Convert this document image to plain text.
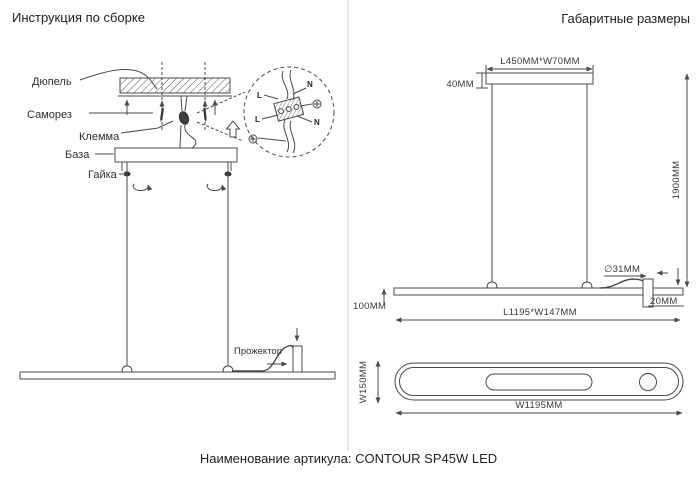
Инструкция по сборке	Габаритные размеры
Дюпель
Саморез
Клемма
База
Гайка
Прожектор
L
N
L	N
L450MM*W70MM
40MM
1900MM
∅31MM
20MM
100MM
L1195*W147MM
W1195MM
W150MM
Наименование артикула: CONTOUR SP45W LED
